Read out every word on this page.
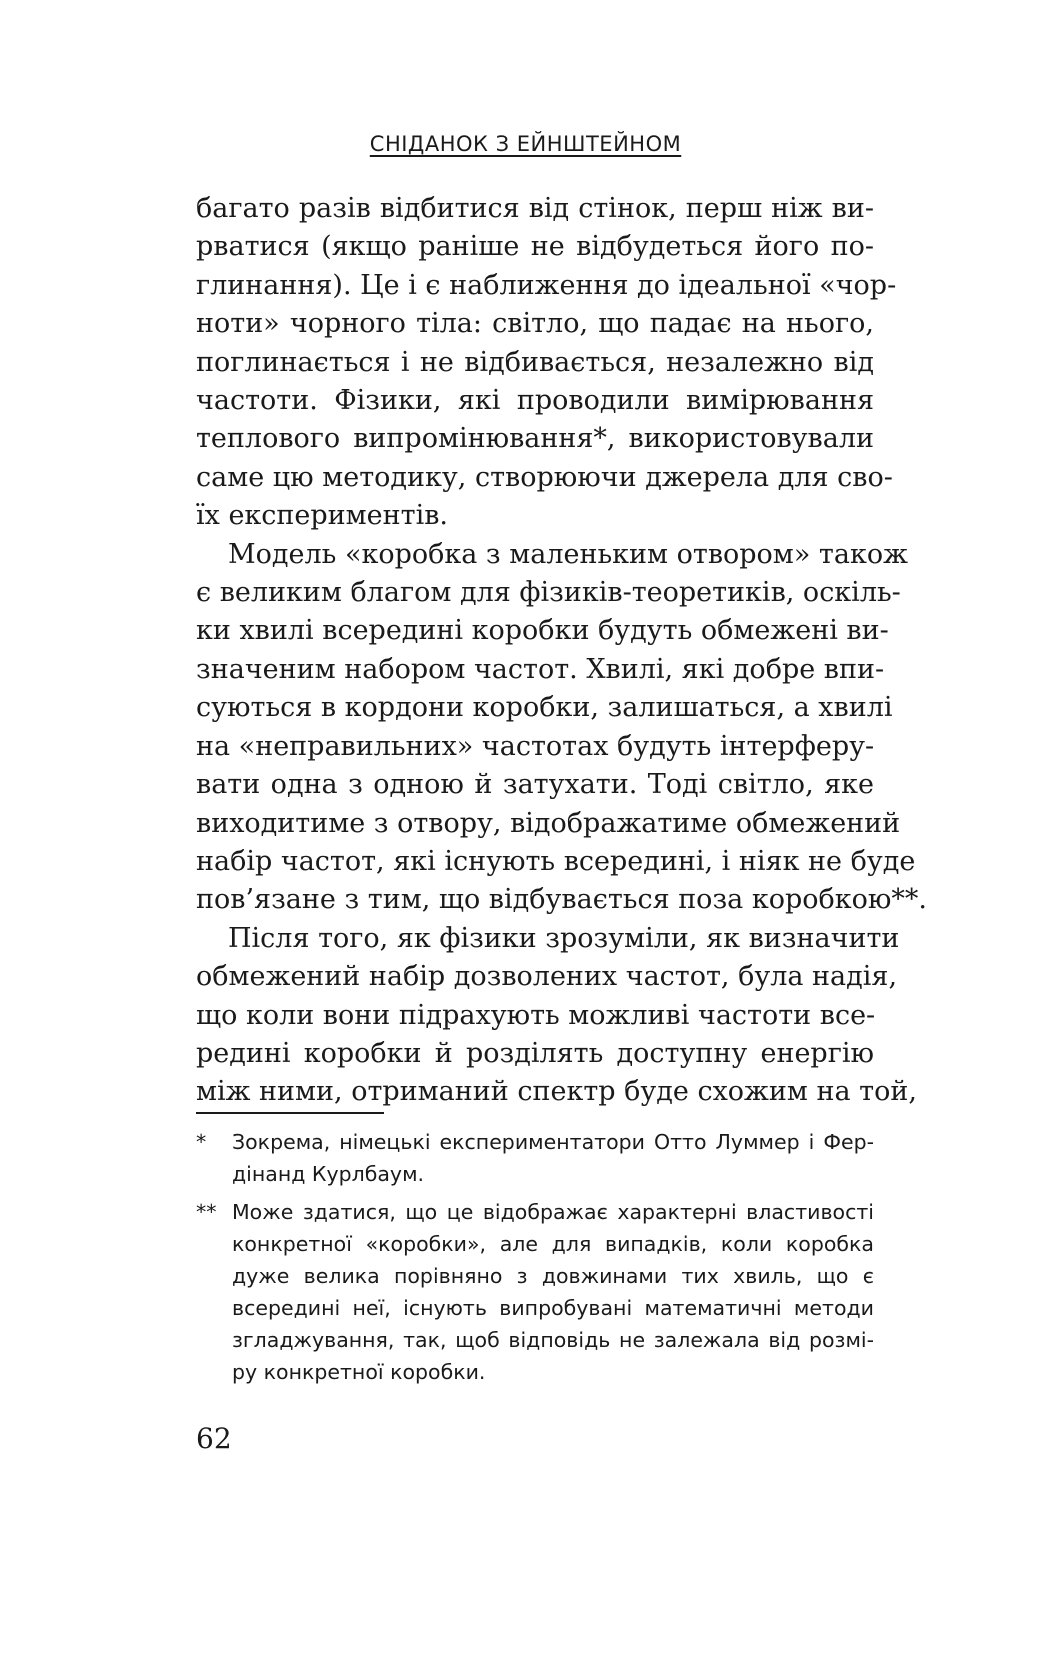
СНІДАНОК З ЕЙНШТЕЙНОМ

багато разів відбитися від стінок, перш ніж ви-
рватися (якщо раніше не відбудеться його по-
глинання). Це і є наближення до ідеальної «чор-
ноти» чорного тіла: світло, що падає на нього,
поглинається і не відбивається, незалежно від
частоти. Фізики, які проводили вимірювання
теплового випромінювання*, використовували
саме цю методику, створюючи джерела для сво-
їх експериментів.

Модель «коробка з маленьким отвором» також
є великим благом для фізиків-теоретиків, оскіль-
ки хвилі всередині коробки будуть обмежені ви-
значеним набором частот. Хвилі, які добре впи-
суються в кордони коробки, залишаться, а хвилі
на «неправильних» частотах будуть інтерферу-
вати одна з одною й затухати. Тоді світло, яке
виходитиме з отвору, відображатиме обмежений
набір частот, які існують всередині, і ніяк не буде
пов’язане з тим, що відбувається поза коробкою**.

Після того, як фізики зрозуміли, як визначити
обмежений набір дозволених частот, була надія,
що коли вони підрахують можливі частоти все-
редині коробки й розділять доступну енергію
між ними, отриманий спектр буде схожим на той,

* Зокрема, німецькі експериментатори Отто Луммер і Фер-
дінанд Курлбаум.
** Може здатися, що це відображає характерні властивості
конкретної «коробки», але для випадків, коли коробка
дуже велика порівняно з довжинами тих хвиль, що є
всередині неї, існують випробувані математичні методи
згладжування, так, щоб відповідь не залежала від розмі-
ру конкретної коробки.
62
